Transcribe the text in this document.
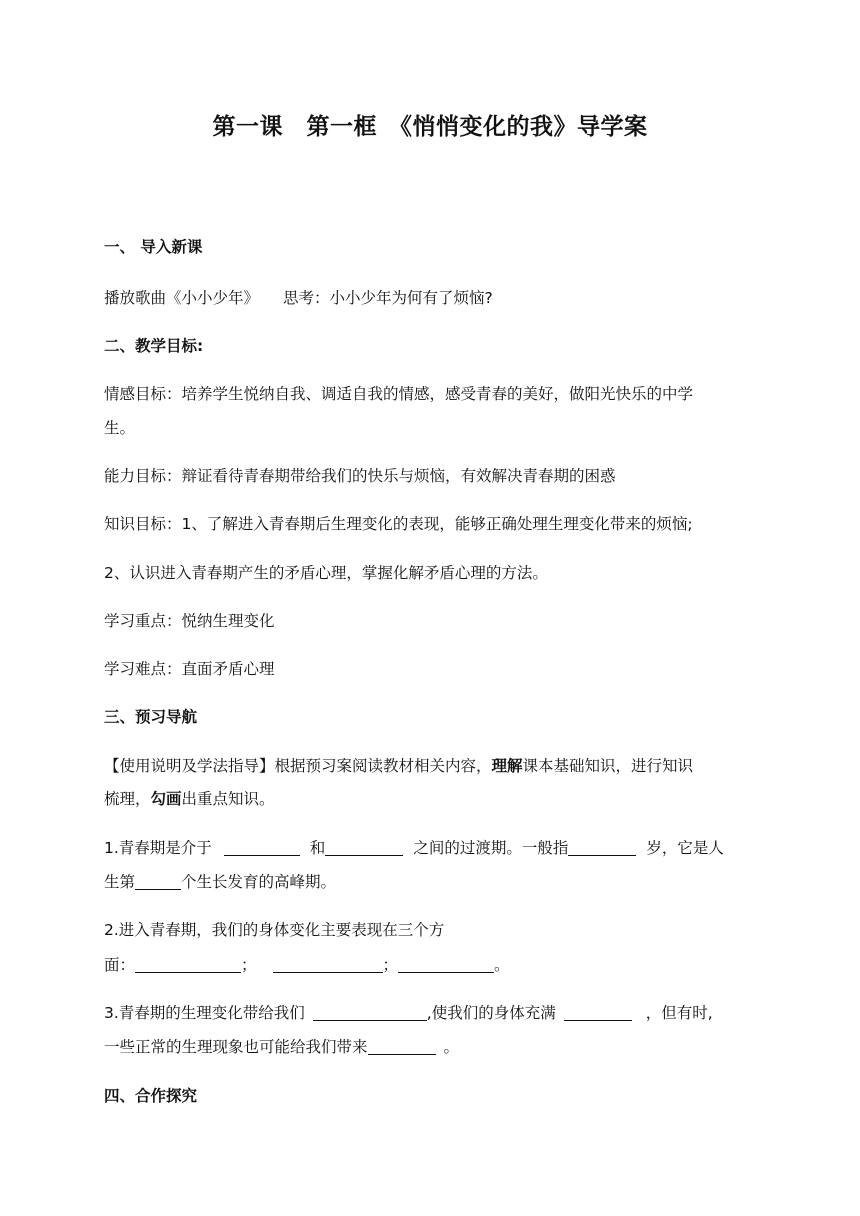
第一课　第一框　《悄悄变化的我》导学案
一、 导入新课
播放歌曲《小小少年》 思考：小小少年为何有了烦恼?
二、教学目标:
情感目标：培养学生悦纳自我、调适自我的情感，感受青春的美好，做阳光快乐的中学
生。
能力目标：辩证看待青春期带给我们的快乐与烦恼，有效解决青春期的困惑
知识目标：1、了解进入青春期后生理变化的表现，能够正确处理生理变化带来的烦恼;
2、认识进入青春期产生的矛盾心理，掌握化解矛盾心理的方法。
学习重点：悦纳生理变化
学习难点：直面矛盾心理
三、预习导航
【使用说明及学法指导】根据预习案阅读教材相关内容，理解课本基础知识，进行知识
梳理，勾画出重点知识。
1.青春期是介于	和	之间的过渡期。一般指	岁，它是人
生第	个生长发育的高峰期。
2.进入青春期，我们的身体变化主要表现在三个方
面：	；	；	。
3.青春期的生理变化带给我们	,使我们的身体充满	，但有时,
一些正常的生理现象也可能给我们带来	。
四、合作探究
